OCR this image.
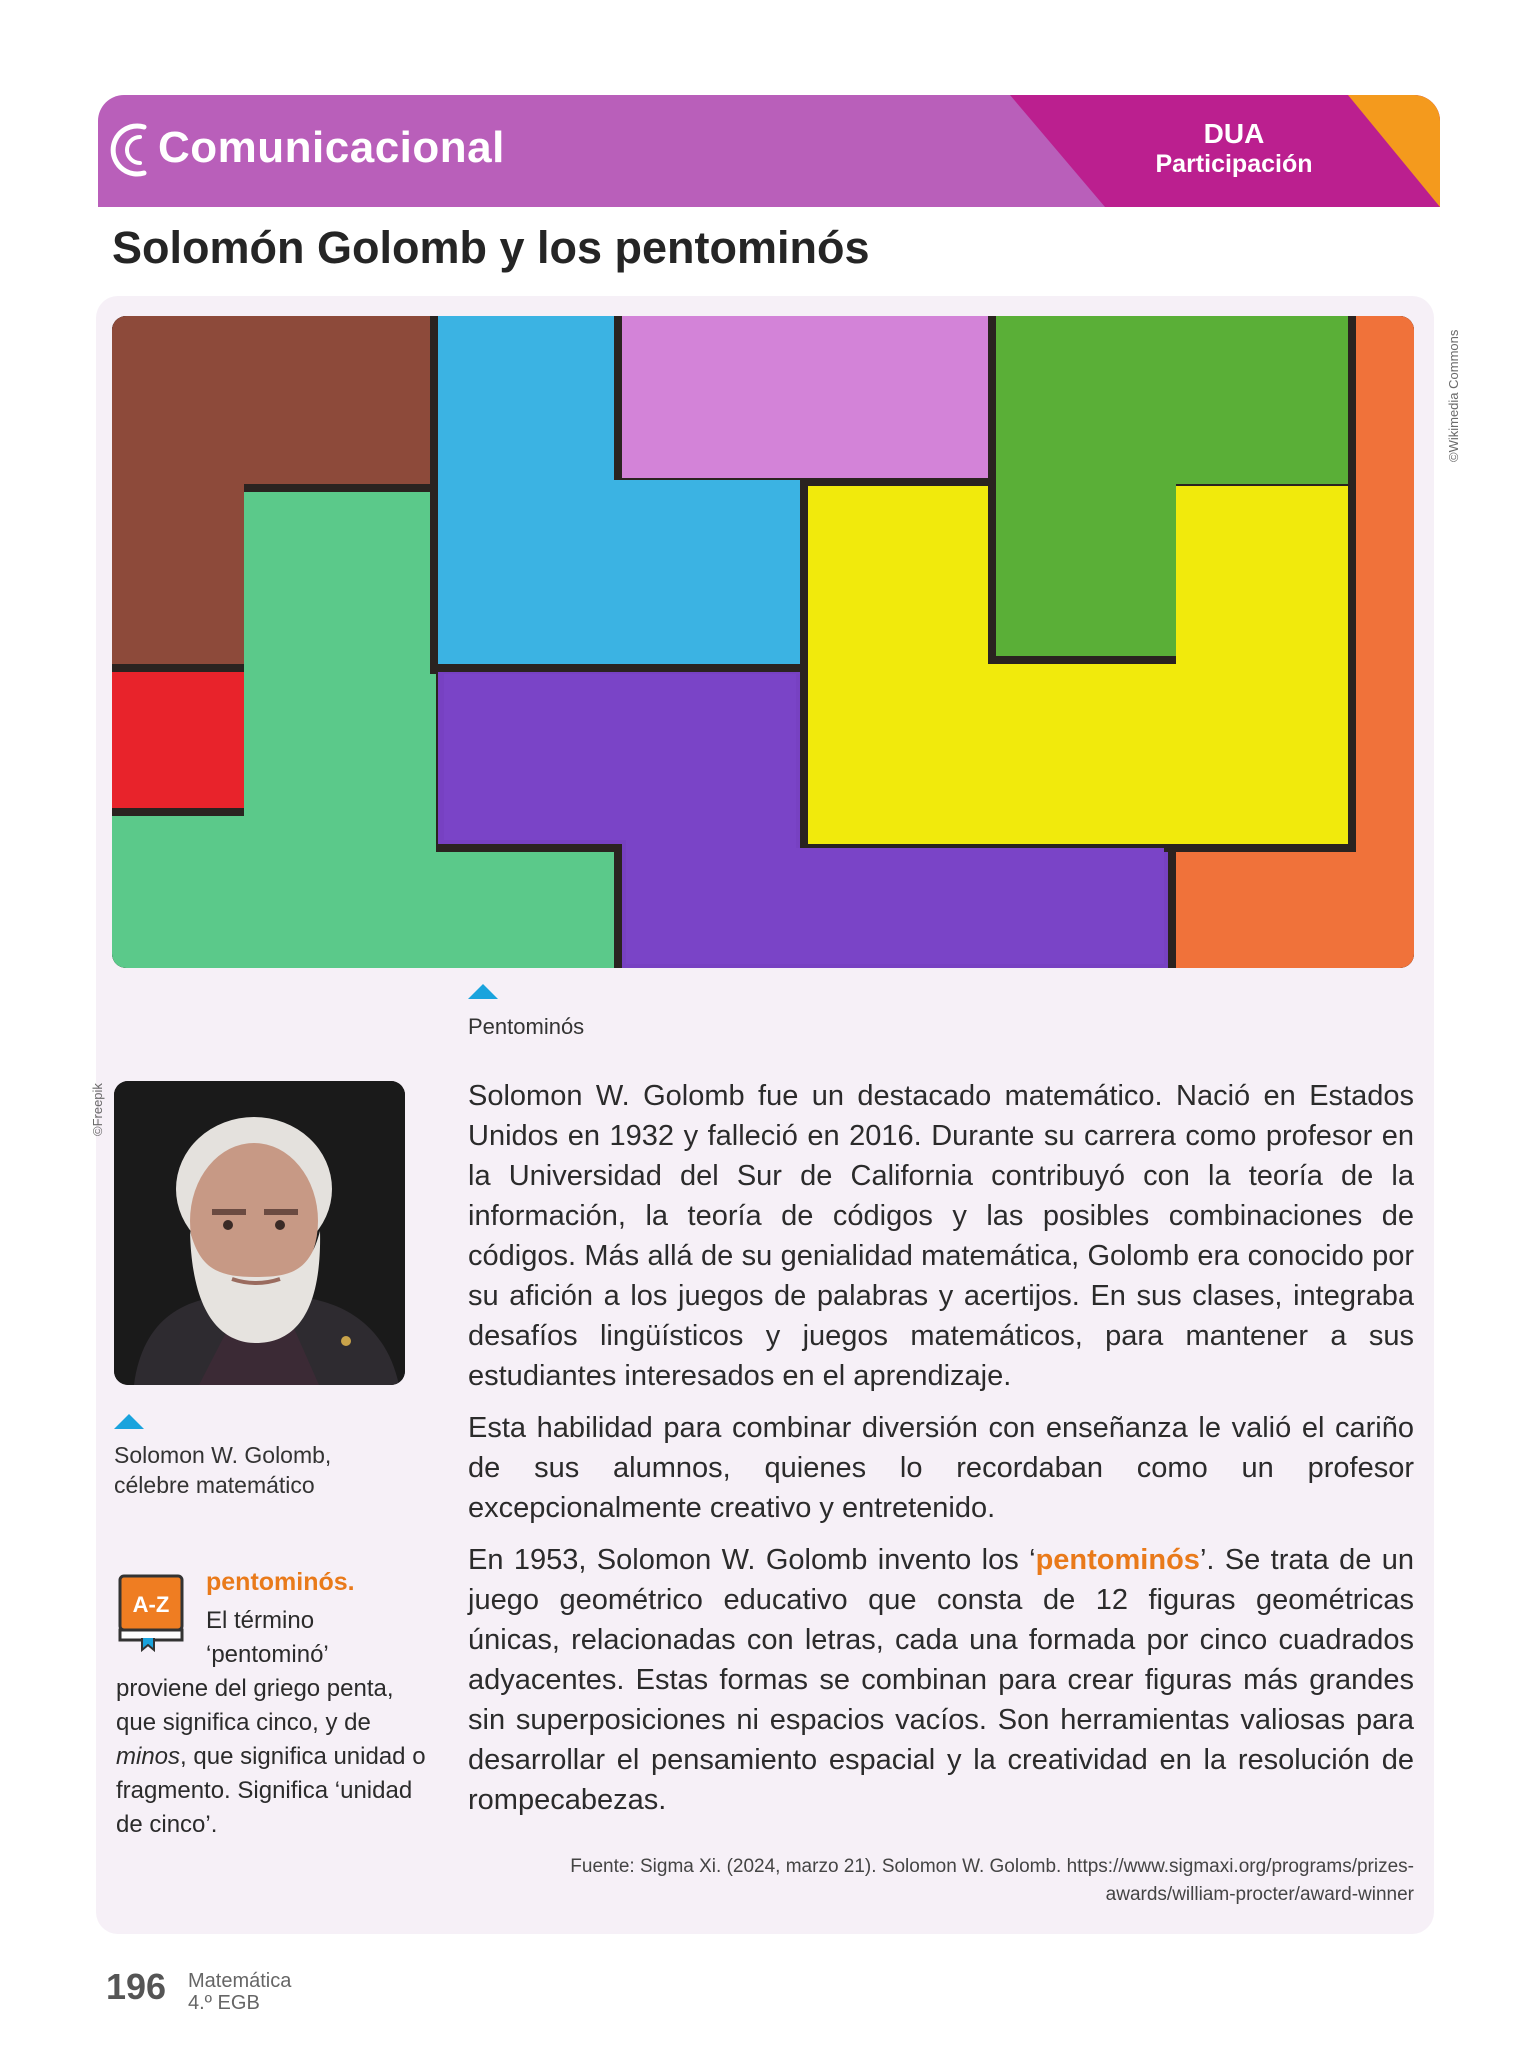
Comunicacional	DUA
Participación
Solomón Golomb y los pentominós
©Wikimedia Commons
Pentominós
©Freepik
Solomon W. Golomb,
célebre matemático
A-Z
pentominós.
El término
‘pentominó’
proviene del griego penta, que significa cinco, y de minos, que significa unidad o fragmento. Significa ‘unidad de cinco’.

Solomon W. Golomb fue un destacado matemático. Nació en Estados Unidos en 1932 y falleció en 2016. Durante su carrera como profesor en la Universidad del Sur de California contribuyó con la teoría de la información, la teoría de códigos y las posibles combinaciones de códigos. Más allá de su genialidad matemática, Golomb era conocido por su afición a los juegos de palabras y acertijos. En sus clases, integraba desafíos lingüísticos y juegos matemáticos, para mantener a sus estudiantes interesados en el aprendizaje.

Esta habilidad para combinar diversión con enseñanza le valió el cariño de sus alumnos, quienes lo recordaban como un profesor excepcionalmente creativo y entretenido.

En 1953, Solomon W. Golomb invento los ‘pentominós’. Se trata de un juego geométrico educativo que consta de 12 figuras geométricas únicas, relacionadas con letras, cada una formada por cinco cuadrados adyacentes. Estas formas se combinan para crear figuras más grandes sin superposiciones ni espacios vacíos. Son herramientas valiosas para desarrollar el pensamiento espacial y la creatividad en la resolución de rompecabezas.

Fuente: Sigma Xi. (2024, marzo 21). Solomon W. Golomb. https://www.sigmaxi.org/programs/prizes-
awards/william-procter/award-winner
196 Matemática
4.º EGB
